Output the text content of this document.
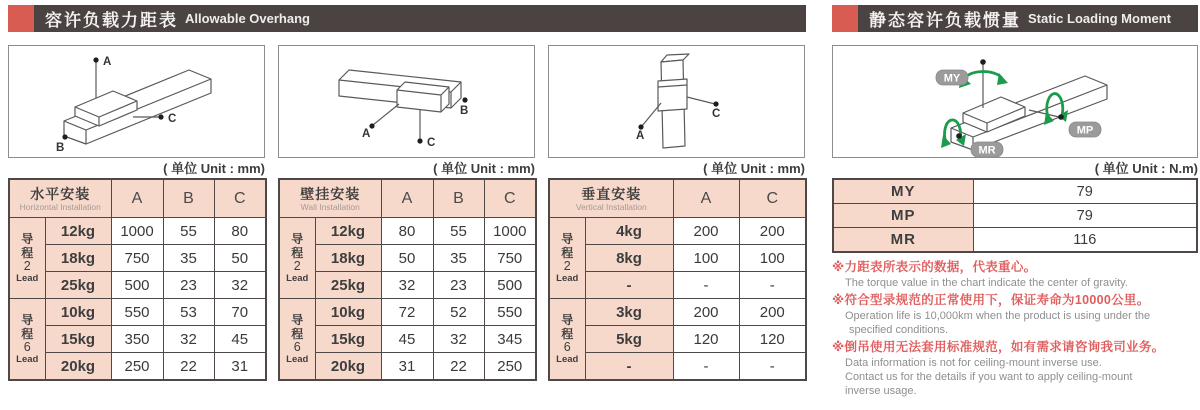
容许负载力距表 Allowable Overhang	静态容许负载惯量 Static Loading Moment
A
C
B
( 单位 Unit : mm)
水平安装
Horizontal Installation		A	B	C

导
程
2
Lead	12kg	1000	55	80
	18kg	750	35	50
	25kg	500	23	32

导
程
6
Lead	10kg	550	53	70
	15kg	350	32	45
	20kg	250	22	31
A
C
B
( 单位 Unit : mm)
壁挂安装
Wall Installation		A	B	C

导
程
2
Lead	12kg	80	55	1000
	18kg	50	35	750
	25kg	32	23	500

导
程
6
Lead	10kg	72	52	550
	15kg	45	32	345
	20kg	31	22	250
A
C
( 单位 Unit : mm)
垂直安装
Vertical Installation		A	C

导
程
2
Lead	4kg	200	200
	8kg	100	100
	-	-	-

导
程
6
Lead	3kg	200	200
	5kg	120	120
	-	-	-
MY
MP
MR
( 单位 Unit : N.m)
MY	79
MP	79
MR	116
※力距表所表示的数据，代表重心。
The torque value in the chart indicate the center of gravity.
※符合型录规范的正常使用下，保证寿命为10000公里。
Operation life is 10,000km when the product is using under the
specified conditions.
※倒吊使用无法套用标准规范，如有需求请咨询我司业务。
Data information is not for ceiling-mount inverse use.
Contact us for the details if you want to apply ceiling-mount
inverse usage.
